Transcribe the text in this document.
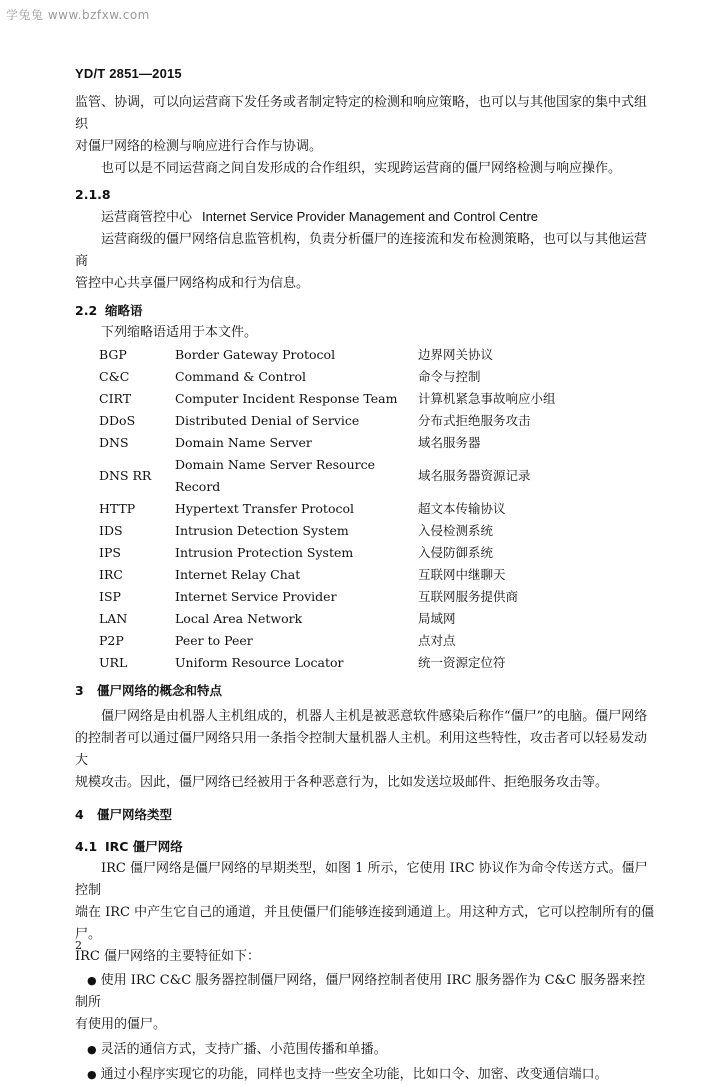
学兔兔 www.bzfxw.com
YD/T 2851—2015

监管、协调，可以向运营商下发任务或者制定特定的检测和响应策略，也可以与其他国家的集中式组织

对僵尸网络的检测与响应进行合作与协调。

也可以是不同运营商之间自发形成的合作组织，实现跨运营商的僵尸网络检测与响应操作。

2.1.8
运营商管控中心 Internet Service Provider Management and Control Centre

运营商级的僵尸网络信息监管机构，负责分析僵尸的连接流和发布检测策略，也可以与其他运营商

管控中心共享僵尸网络构成和行为信息。

2.2 缩略语

下列缩略语适用于本文件。

BGP	Border Gateway Protocol	边界网关协议
C&C	Command & Control	命令与控制
CIRT	Computer Incident Response Team	计算机紧急事故响应小组
DDoS	Distributed Denial of Service	分布式拒绝服务攻击
DNS	Domain Name Server	域名服务器
DNS RR	Domain Name Server Resource Record	域名服务器资源记录
HTTP	Hypertext Transfer Protocol	超文本传输协议
IDS	Intrusion Detection System	入侵检测系统
IPS	Intrusion Protection System	入侵防御系统
IRC	Internet Relay Chat	互联网中继聊天
ISP	Internet Service Provider	互联网服务提供商
LAN	Local Area Network	局域网
P2P	Peer to Peer	点对点
URL	Uniform Resource Locator	统一资源定位符
3 僵尸网络的概念和特点

僵尸网络是由机器人主机组成的，机器人主机是被恶意软件感染后称作“僵尸”的电脑。僵尸网络

的控制者可以通过僵尸网络只用一条指令控制大量机器人主机。利用这些特性，攻击者可以轻易发动大

规模攻击。因此，僵尸网络已经被用于各种恶意行为，比如发送垃圾邮件、拒绝服务攻击等。

4 僵尸网络类型
4.1 IRC 僵尸网络

IRC 僵尸网络是僵尸网络的早期类型，如图 1 所示，它使用 IRC 协议作为命令传送方式。僵尸控制

端在 IRC 中产生它自己的通道，并且使僵尸们能够连接到通道上。用这种方式，它可以控制所有的僵尸。

IRC 僵尸网络的主要特征如下：

● 使用 IRC C&C 服务器控制僵尸网络，僵尸网络控制者使用 IRC 服务器作为 C&C 服务器来控制所

有使用的僵尸。

● 灵活的通信方式，支持广播、小范围传播和单播。

● 通过小程序实现它的功能，同样也支持一些安全功能，比如口令、加密、改变通信端口。

2
